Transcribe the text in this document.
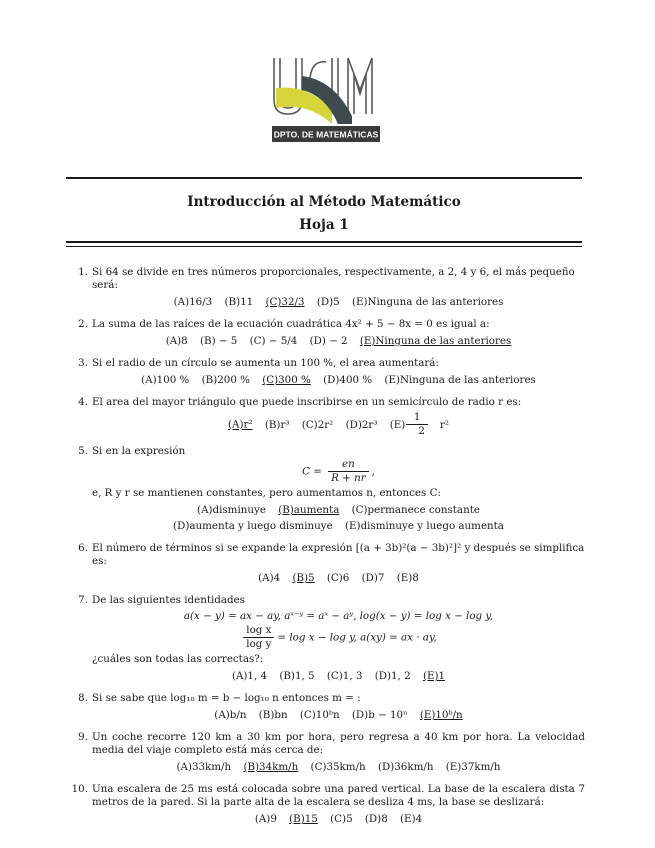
DPTO. DE MATEMÁTICAS
Introducción al Método Matemático
Hoja 1
1. Si 64 se divide en tres números proporcionales, respectivamente, a 2, 4 y 6, el más pequeño será:
(A)16/3 (B)11 (C)32/3 (D)5 (E)Ninguna de las anteriores
2. La suma de las raíces de la ecuación cuadrática 4x² + 5 − 8x = 0 es igual a:
(A)8 (B) − 5 (C) − 5/4 (D) − 2 (E)Ninguna de las anteriores
3. Si el radio de un círculo se aumenta un 100 %, el area aumentará:
(A)100 % (B)200 % (C)300 % (D)400 % (E)Ninguna de las anteriores
4. El area del mayor triángulo que puede inscribirse en un semicírculo de radio r es:
(A)r² (B)r³ (C)2r² (D)2r³ $(E) \frac{1}{2} r^2$
5. Si en la expresión
$C = \frac{en}{R + nr}$ ,
e, R y r se mantienen constantes, pero aumentamos n, entonces C:
(A)disminuye (B)aumenta (C)permanece constante
(D)aumenta y luego disminuye (E)disminuye y luego aumenta
6. El número de términos si se expande la expresión [(a + 3b)²(a − 3b)²]² y después se simplifica es:
(A)4 (B)5 (C)6 (D)7 (E)8
7. De las siguientes identidades
a(x − y) = ax − ay, aˣ⁻ʸ = aˣ − aʸ, log(x − y) = log x − log y,
$\frac{\text{log x}}{\text{log y}} = \log x - \log y$, a(xy) = ax · ay,
¿cuáles son todas las correctas?:
(A)1, 4 (B)1, 5 (C)1, 3 (D)1, 2 (E)1
8. Si se sabe que log₁₀ m = b − log₁₀ n entonces m = :
(A)b/n (B)bn (C)10ᵇn (D)b − 10ⁿ (E)10ᵇ/n
9. Un coche recorre 120 km a 30 km por hora, pero regresa a 40 km por hora. La velocidad media del viaje completo está más cerca de:
(A)33km/h (B)34km/h (C)35km/h (D)36km/h (E)37km/h
10. Una escalera de 25 ms está colocada sobre una pared vertical. La base de la escalera dista 7 metros de la pared. Si la parte alta de la escalera se desliza 4 ms, la base se deslizará:
(A)9 (B)15 (C)5 (D)8 (E)4
